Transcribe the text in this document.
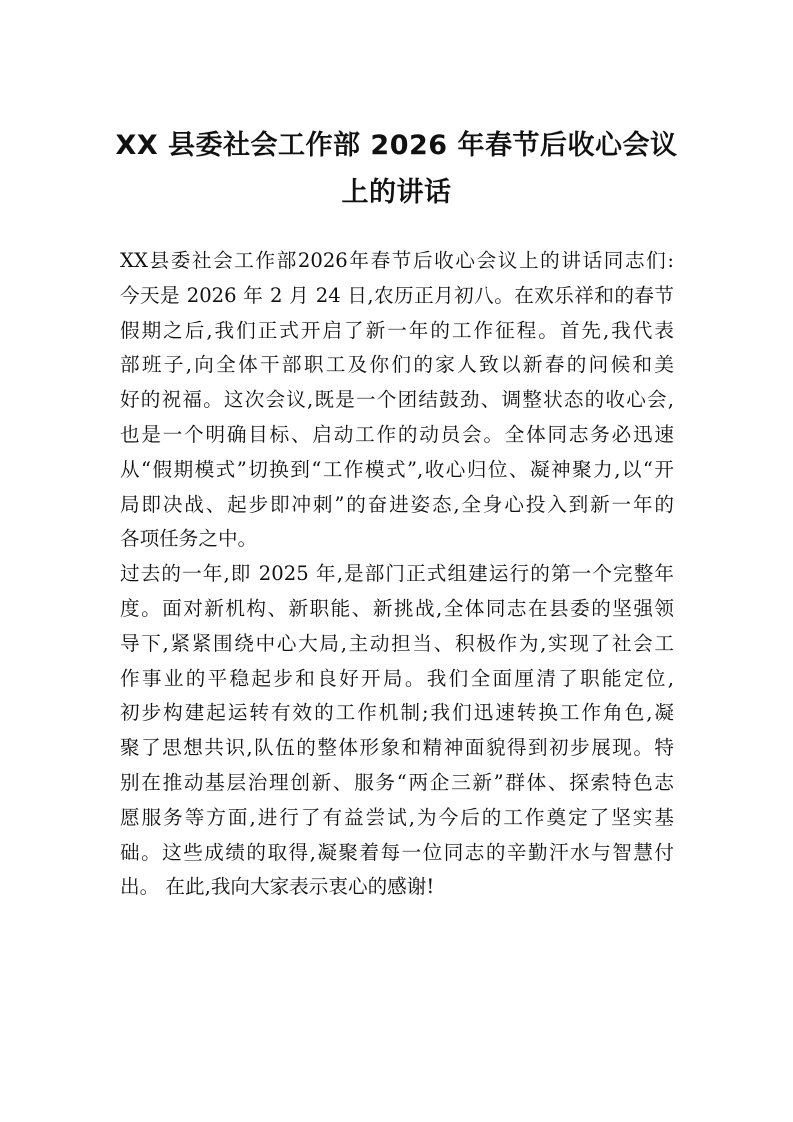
XX 县委社会工作部 2026 年春节后收心会议
上的讲话

XX县委社会工作部2026年春节后收心会议上的讲话同志们:
今天是 2026 年 2 月 24 日,农历正月初八。在欢乐祥和的春节
假期之后,我们正式开启了新一年的工作征程。首先,我代表
部班子,向全体干部职工及你们的家人致以新春的问候和美
好的祝福。这次会议,既是一个团结鼓劲、调整状态的收心会,
也是一个明确目标、启动工作的动员会。全体同志务必迅速
从“假期模式”切换到“工作模式”,收心归位、凝神聚力,以“开
局即决战、起步即冲刺”的奋进姿态,全身心投入到新一年的
各项任务之中。

过去的一年,即 2025 年,是部门正式组建运行的第一个完整年
度。面对新机构、新职能、新挑战,全体同志在县委的坚强领
导下,紧紧围绕中心大局,主动担当、积极作为,实现了社会工
作事业的平稳起步和良好开局。我们全面厘清了职能定位,
初步构建起运转有效的工作机制;我们迅速转换工作角色,凝
聚了思想共识,队伍的整体形象和精神面貌得到初步展现。特
别在推动基层治理创新、服务“两企三新”群体、探索特色志
愿服务等方面,进行了有益尝试,为今后的工作奠定了坚实基
础。这些成绩的取得,凝聚着每一位同志的辛勤汗水与智慧付
出。 在此,我向大家表示衷心的感谢!
